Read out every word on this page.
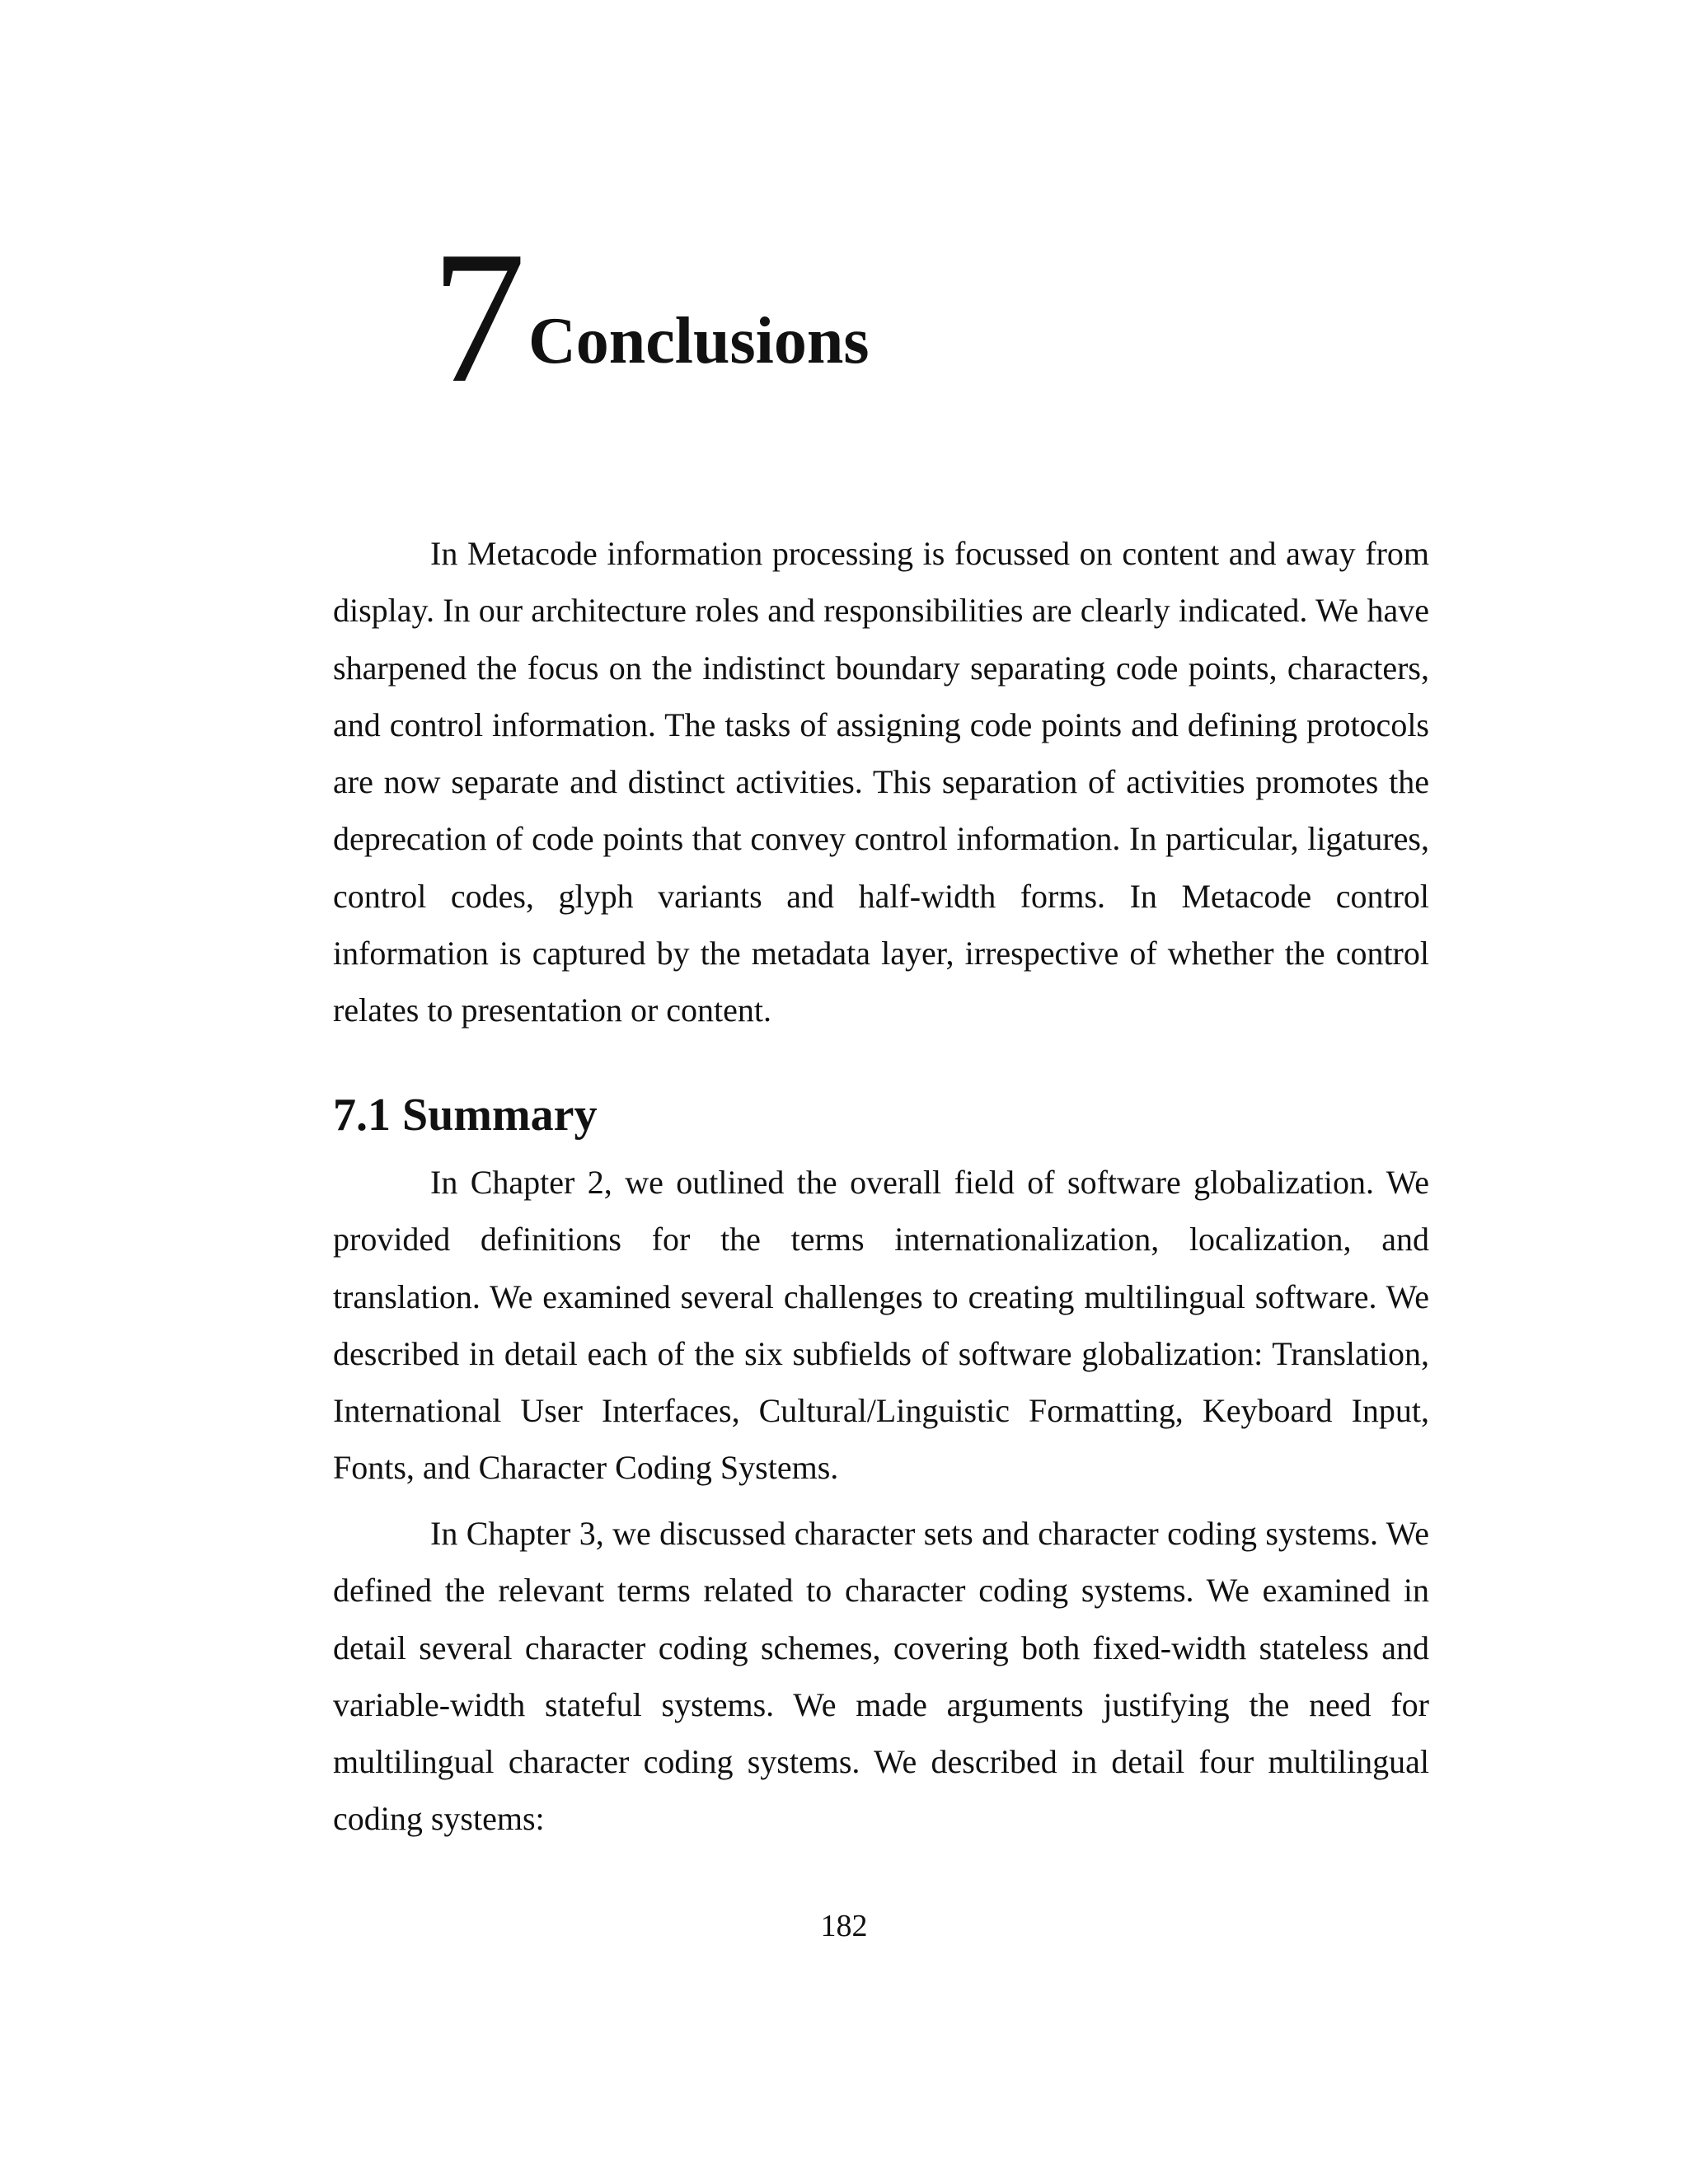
7 Conclusions

In Metacode information processing is focussed on content and away from display. In our architecture roles and responsibilities are clearly indicated. We have sharpened the focus on the indistinct boundary separating code points, characters, and control information. The tasks of assigning code points and defining protocols are now separate and distinct activities. This separation of activities promotes the deprecation of code points that convey control information. In particular, ligatures, control codes, glyph variants and half-width forms. In Metacode control information is captured by the metadata layer, irrespective of whether the control relates to presentation or content.

7.1 Summary

In Chapter 2, we outlined the overall field of software globalization. We provided definitions for the terms internationalization, localization, and translation. We examined several challenges to creating multilingual software. We described in detail each of the six subfields of software globalization: Translation, International User Interfaces, Cultural/Linguistic Formatting, Keyboard Input, Fonts, and Character Coding Systems.

In Chapter 3, we discussed character sets and character coding systems. We defined the relevant terms related to character coding systems. We examined in detail several character coding schemes, covering both fixed-width stateless and variable-width stateful systems. We made arguments justifying the need for multilingual character coding systems. We described in detail four multilingual coding systems:

182
